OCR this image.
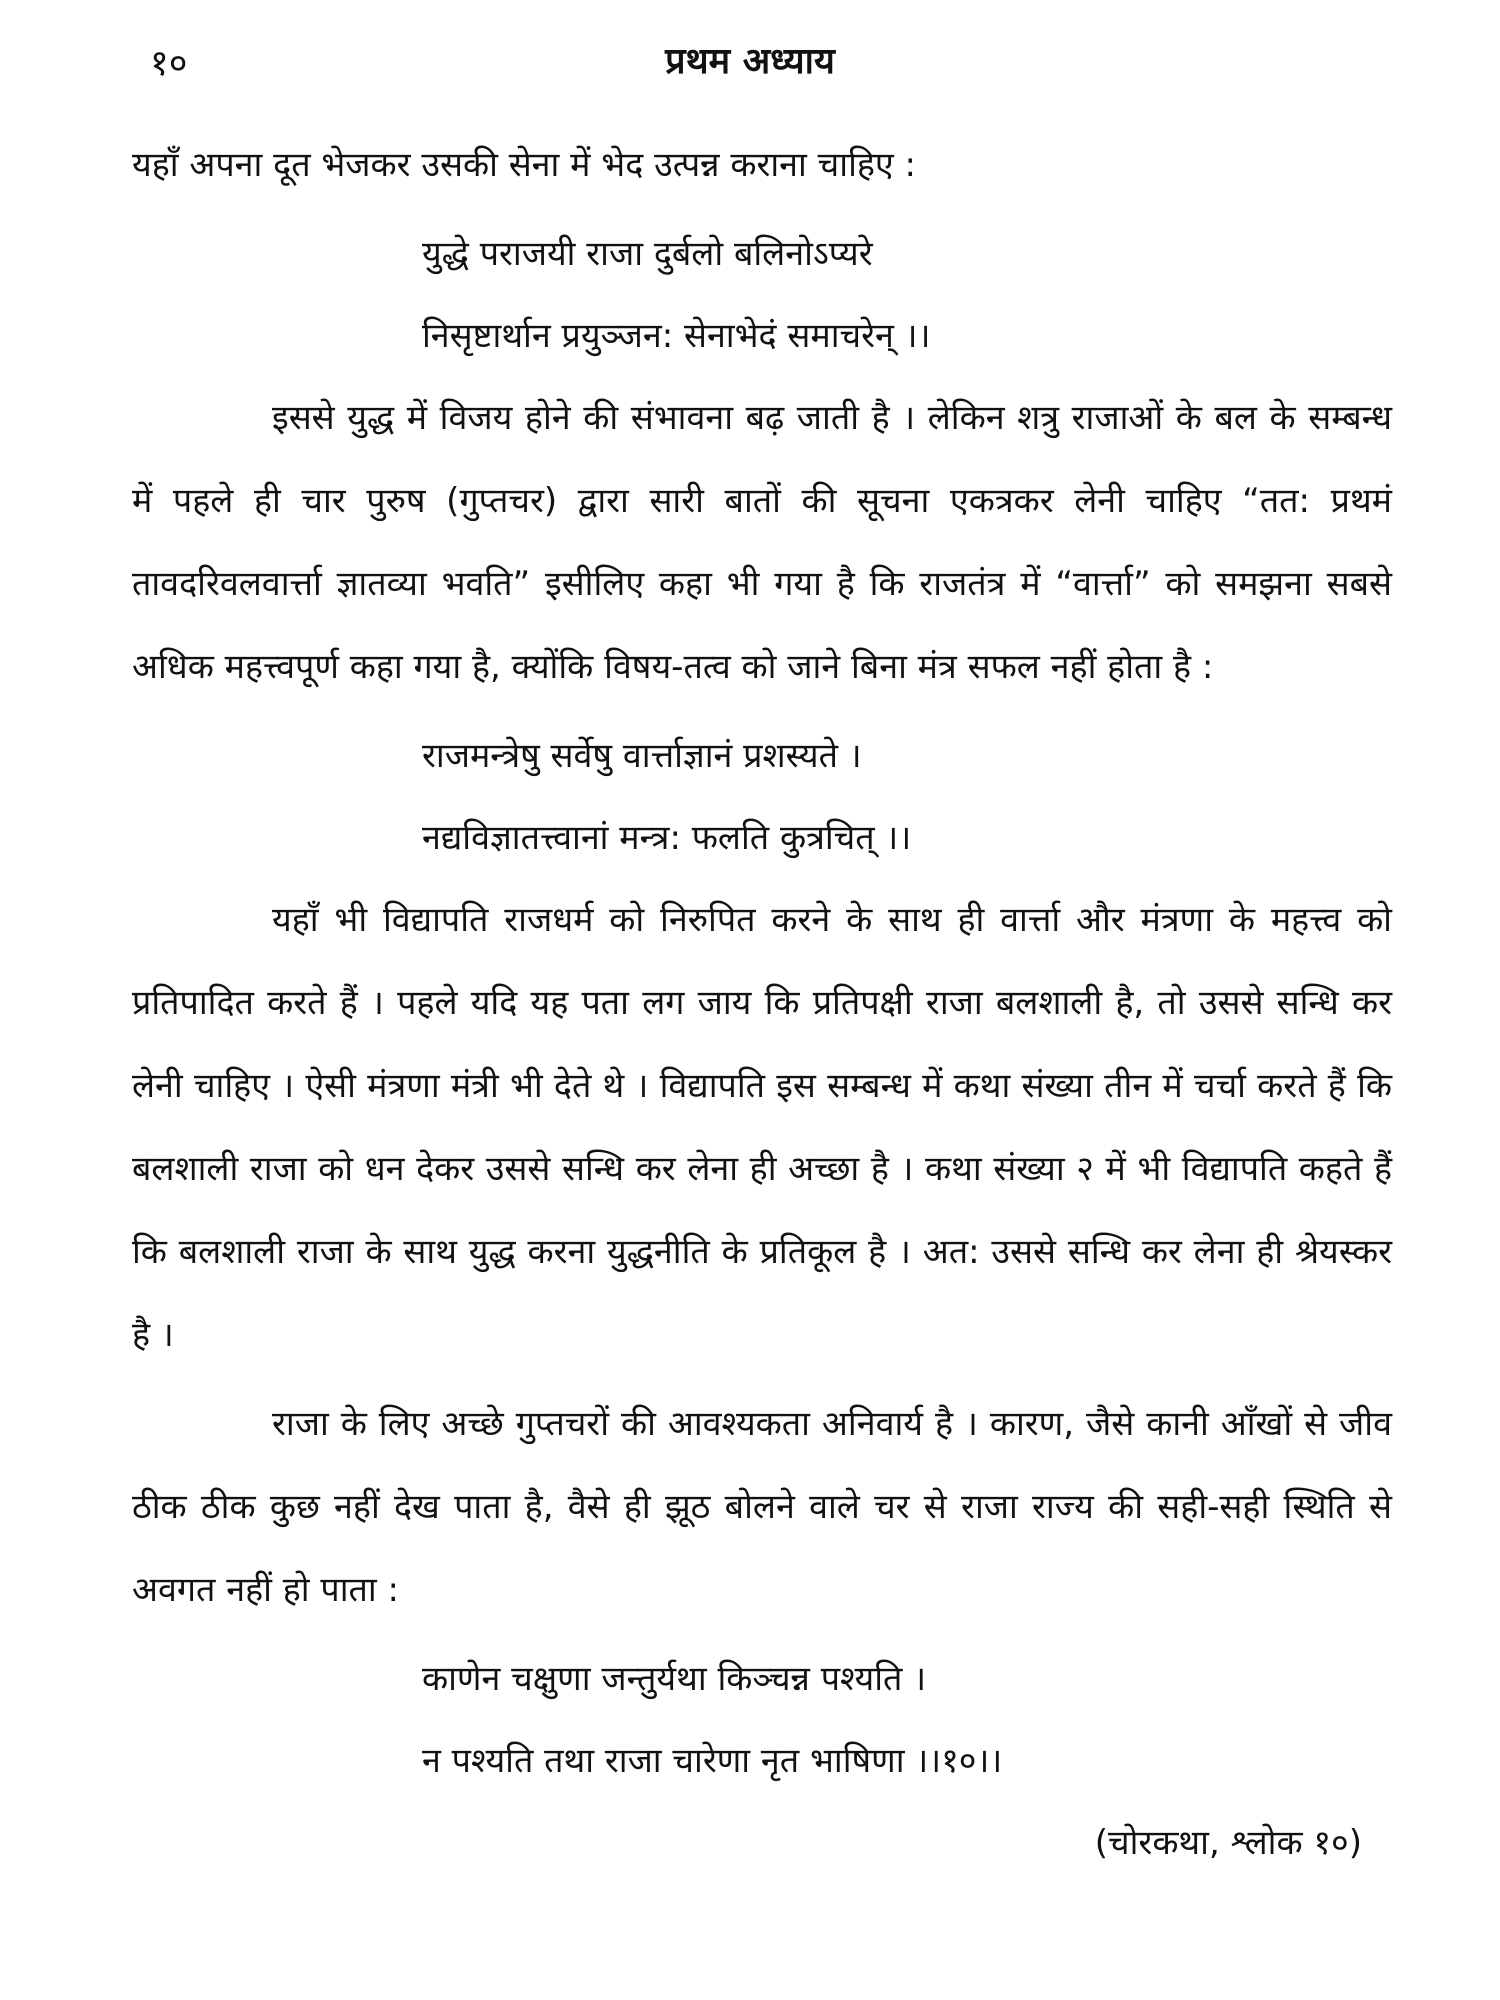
१०	प्रथम अध्याय

यहाँ अपना दूत भेजकर उसकी सेना में भेद उत्पन्न कराना चाहिए :

युद्धे पराजयी राजा दुर्बलो बलिनोऽप्यरे

निसृष्टार्थान प्रयुञ्जन: सेनाभेदं समाचरेन् ।।

इससे युद्ध में विजय होने की संभावना बढ़ जाती है । लेकिन शत्रु राजाओं के बल के सम्बन्ध में पहले ही चार पुरुष (गुप्तचर) द्वारा सारी बातों की सूचना एकत्रकर लेनी चाहिए “तत: प्रथमं तावदरिवलवार्त्ता ज्ञातव्या भवति” इसीलिए कहा भी गया है कि राजतंत्र में “वार्त्ता” को समझना सबसे अधिक महत्त्वपूर्ण कहा गया है, क्योंकि विषय-तत्व को जाने बिना मंत्र सफल नहीं होता है :

राजमन्त्रेषु सर्वेषु वार्त्ताज्ञानं प्रशस्यते ।

नद्यविज्ञातत्त्वानां मन्त्र: फलति कुत्रचित् ।।

यहाँ भी विद्यापति राजधर्म को निरुपित करने के साथ ही वार्त्ता और मंत्रणा के महत्त्व को प्रतिपादित करते हैं । पहले यदि यह पता लग जाय कि प्रतिपक्षी राजा बलशाली है, तो उससे सन्धि कर लेनी चाहिए । ऐसी मंत्रणा मंत्री भी देते थे । विद्यापति इस सम्बन्ध में कथा संख्या तीन में चर्चा करते हैं कि बलशाली राजा को धन देकर उससे सन्धि कर लेना ही अच्छा है । कथा संख्या २ में भी विद्यापति कहते हैं कि बलशाली राजा के साथ युद्ध करना युद्धनीति के प्रतिकूल है । अत: उससे सन्धि कर लेना ही श्रेयस्कर है ।

राजा के लिए अच्छे गुप्तचरों की आवश्यकता अनिवार्य है । कारण, जैसे कानी आँखों से जीव ठीक ठीक कुछ नहीं देख पाता है, वैसे ही झूठ बोलने वाले चर से राजा राज्य की सही-सही स्थिति से अवगत नहीं हो पाता :

काणेन चक्षुणा जन्तुर्यथा किञ्चन्न पश्यति ।

न पश्यति तथा राजा चारेणा नृत भाषिणा ।।१०।।

(चोरकथा, श्लोक १०)
